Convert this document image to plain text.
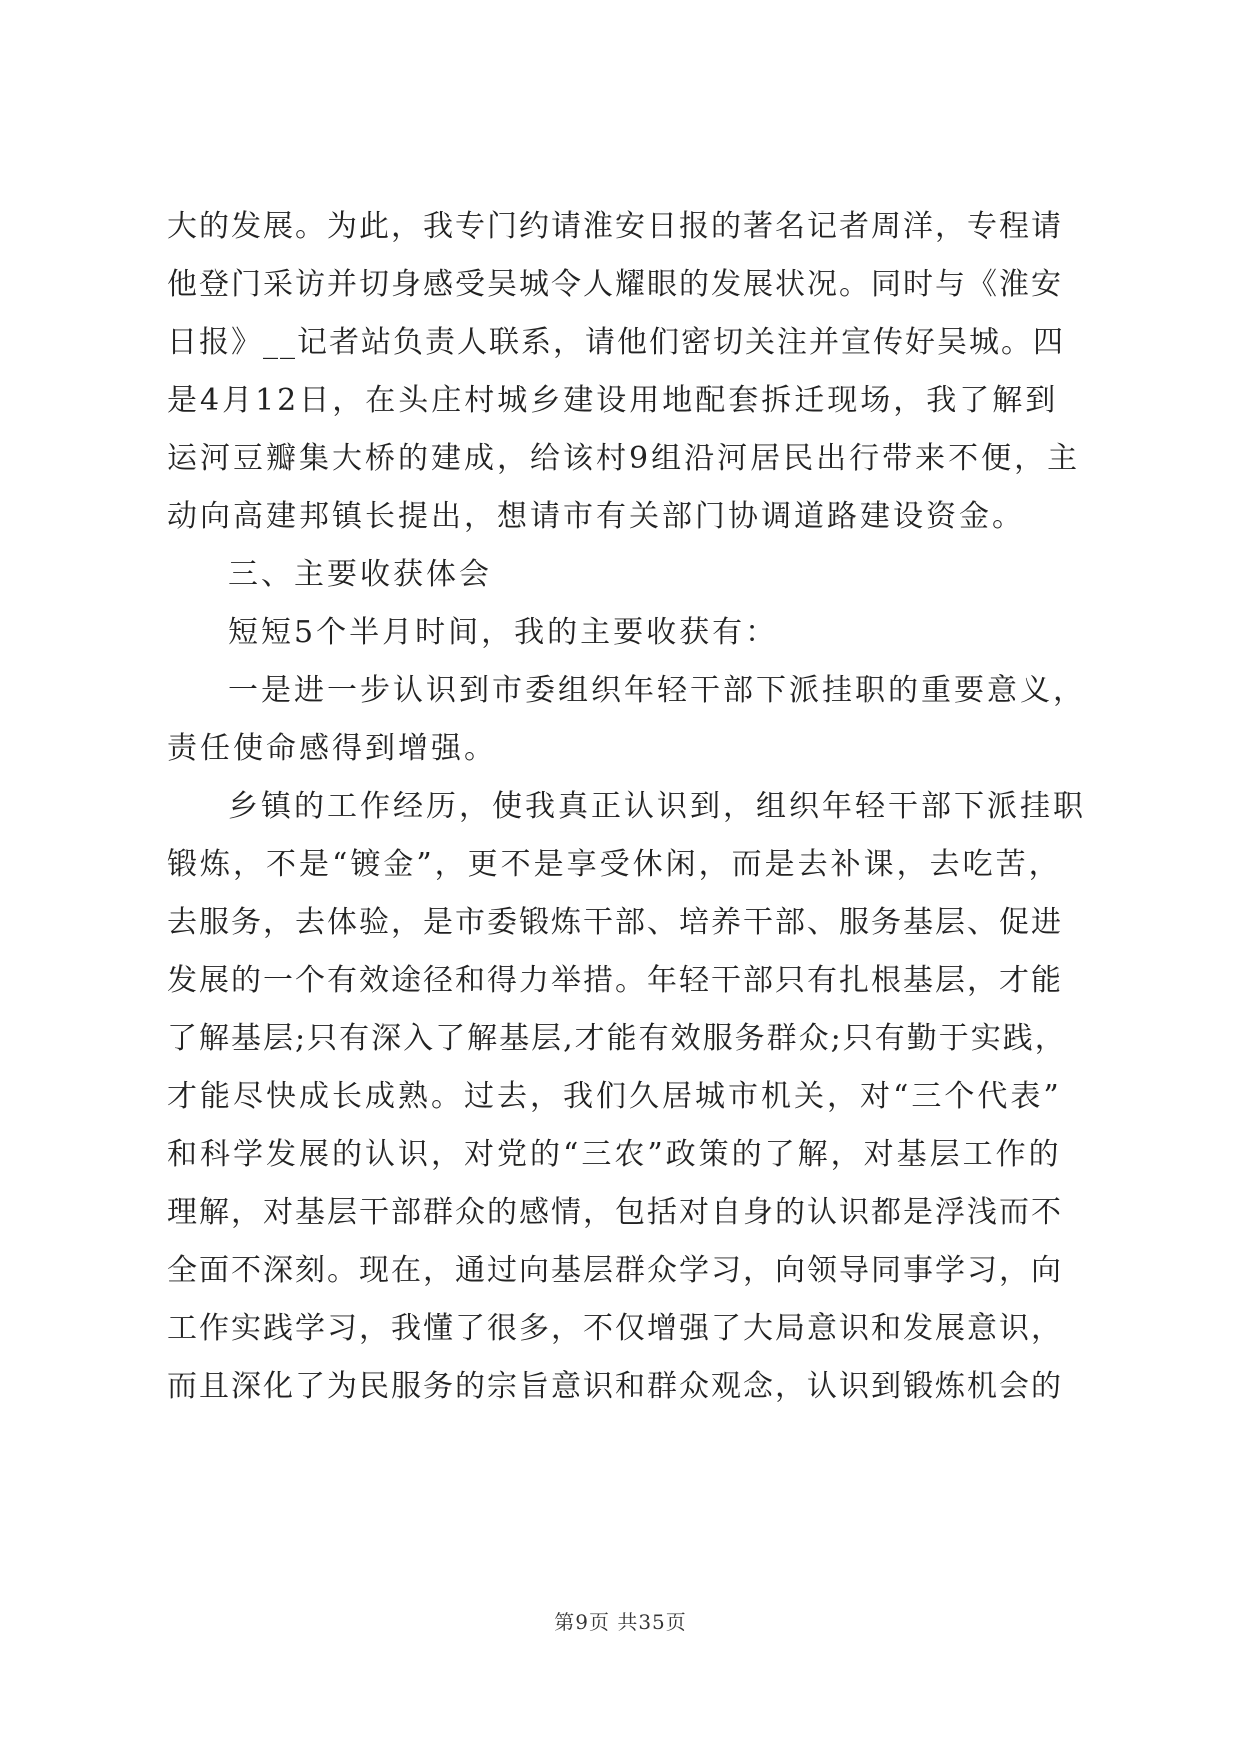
大的发展。为此，我专门约请淮安日报的著名记者周洋，专程请
他登门采访并切身感受吴城令人耀眼的发展状况。同时与《淮安
日报》__记者站负责人联系，请他们密切关注并宣传好吴城。四
是4月12日，在头庄村城乡建设用地配套拆迁现场，我了解到
运河豆瓣集大桥的建成，给该村9组沿河居民出行带来不便，主
动向高建邦镇长提出，想请市有关部门协调道路建设资金。
三、主要收获体会
短短5个半月时间，我的主要收获有：
一是进一步认识到市委组织年轻干部下派挂职的重要意义，
责任使命感得到增强。
乡镇的工作经历，使我真正认识到，组织年轻干部下派挂职
锻炼，不是“镀金”，更不是享受休闲，而是去补课，去吃苦，
去服务，去体验，是市委锻炼干部、培养干部、服务基层、促进
发展的一个有效途径和得力举措。年轻干部只有扎根基层，才能
了解基层;只有深入了解基层,才能有效服务群众;只有勤于实践，
才能尽快成长成熟。过去，我们久居城市机关，对“三个代表”
和科学发展的认识，对党的“三农”政策的了解，对基层工作的
理解，对基层干部群众的感情，包括对自身的认识都是浮浅而不
全面不深刻。现在，通过向基层群众学习，向领导同事学习，向
工作实践学习，我懂了很多，不仅增强了大局意识和发展意识，
而且深化了为民服务的宗旨意识和群众观念，认识到锻炼机会的
第9页 共35页
